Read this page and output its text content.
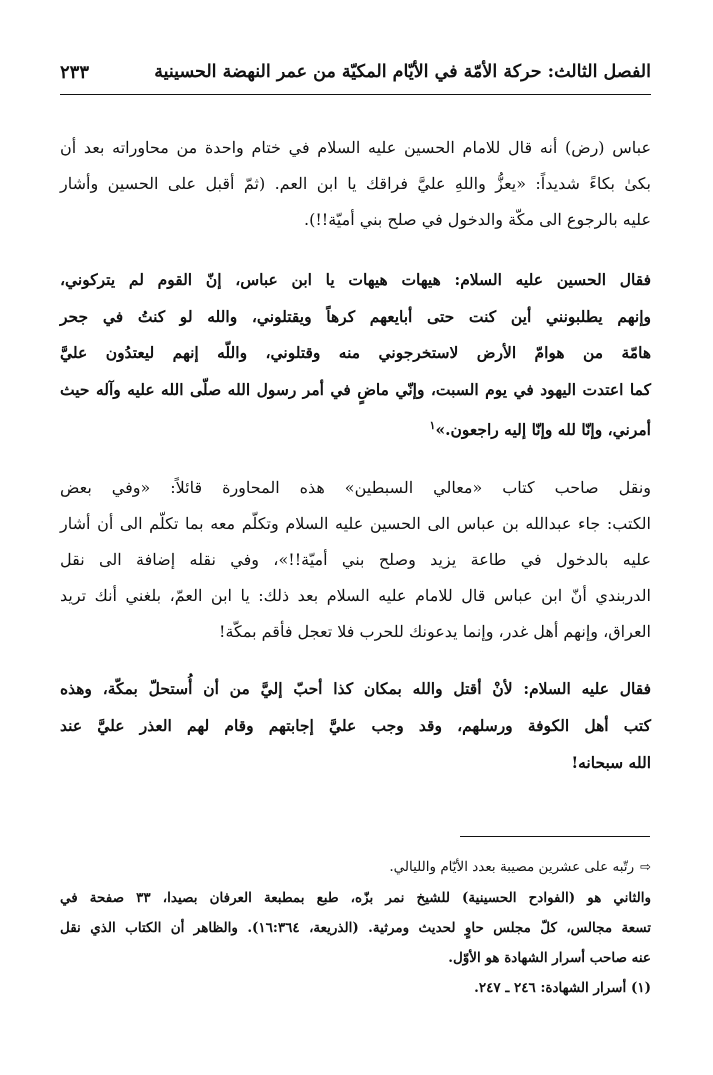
الفصل الثالث: حركة الأمّة في الأيّام المكيّة من عمر النهضة الحسينية
٢٣٣
عباس (رض) أنه قال للامام الحسين عليه السلام في ختام واحدة من محاوراته بعد أن
بكىٰ بكاءً شديداً: «يعزُّ واللهِ عليَّ فراقك يا ابن العم. (ثمّ أقبل على الحسين وأشار
عليه بالرجوع الى مكّة والدخول في صلح بني أميّة!!).
فقال الحسين عليه السلام: هيهات هيهات يا ابن عباس، إنّ القوم لم يتركوني،
وإنهم يطلبونني أين كنت حتى أبايعهم كرهاً ويقتلوني، والله لو كنتُ في جحر
هامّة من هوامّ الأرض لاستخرجوني منه وقتلوني، واللّه إنهم ليعتدُون عليَّ
كما اعتدت اليهود في يوم السبت، وإنّي ماضٍ في أمر رسول الله صلّى الله عليه وآله حيث
أمرني، وإنّا لله وإنّا إليه راجعون.»$^١$
ونقل صاحب كتاب «معالي السبطين» هذه المحاورة قائلاً: «وفي بعض
الكتب: جاء عبدالله بن عباس الى الحسين عليه السلام وتكلّم معه بما تكلّم الى أن أشار
عليه بالدخول في طاعة يزيد وصلح بني أميّة!!»، وفي نقله إضافة الى نقل
الدربندي أنّ ابن عباس قال للامام عليه السلام بعد ذلك: يا ابن العمّ، بلغني أنك تريد
العراق، وإنهم أهل غدر، وإنما يدعونك للحرب فلا تعجل فأقم بمكّة!
فقال عليه السلام: لأنْ أقتل والله بمكان كذا أحبّ إليَّ من أن أُستحلّ بمكّة، وهذه
كتب أهل الكوفة ورسلهم، وقد وجب عليَّ إجابتهم وقام لهم العذر عليَّ عند
الله سبحانه!
⇨رتّبه على عشرين مصيبة بعدد الأيّام والليالي.
والثاني هو (الفوادح الحسينية) للشيخ نمر بزّه، طبع بمطبعة العرفان بصيدا، ٣٣ صفحة في
تسعة مجالس، كلّ مجلس حاوٍ لحديث ومرثية. (الذريعة، ١٦:٣٦٤). والظاهر أن الكتاب الذي نقل
عنه صاحب أسرار الشهادة هو الأوّل.
(١) أسرار الشهادة: ٢٤٦ ـ ٢٤٧.
